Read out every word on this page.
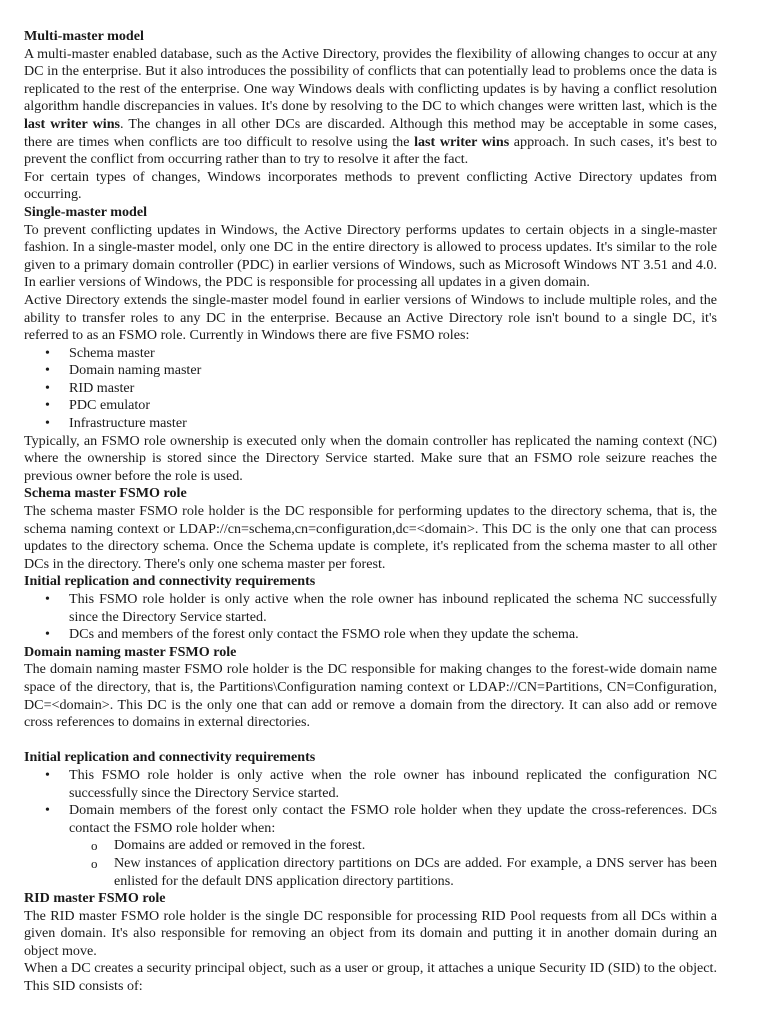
Multi-master model

A multi-master enabled database, such as the Active Directory, provides the flexibility of allowing changes to occur at any DC in the enterprise. But it also introduces the possibility of conflicts that can potentially lead to problems once the data is replicated to the rest of the enterprise. One way Windows deals with conflicting updates is by having a conflict resolution algorithm handle discrepancies in values. It's done by resolving to the DC to which changes were written last, which is the last writer wins. The changes in all other DCs are discarded. Although this method may be acceptable in some cases, there are times when conflicts are too difficult to resolve using the last writer wins approach. In such cases, it's best to prevent the conflict from occurring rather than to try to resolve it after the fact.

For certain types of changes, Windows incorporates methods to prevent conflicting Active Directory updates from occurring.

Single-master model

To prevent conflicting updates in Windows, the Active Directory performs updates to certain objects in a single-master fashion. In a single-master model, only one DC in the entire directory is allowed to process updates. It's similar to the role given to a primary domain controller (PDC) in earlier versions of Windows, such as Microsoft Windows NT 3.51 and 4.0. In earlier versions of Windows, the PDC is responsible for processing all updates in a given domain.

Active Directory extends the single-master model found in earlier versions of Windows to include multiple roles, and the ability to transfer roles to any DC in the enterprise. Because an Active Directory role isn't bound to a single DC, it's referred to as an FSMO role. Currently in Windows there are five FSMO roles:

• Schema master
• Domain naming master
• RID master
• PDC emulator
• Infrastructure master

Typically, an FSMO role ownership is executed only when the domain controller has replicated the naming context (NC) where the ownership is stored since the Directory Service started. Make sure that an FSMO role seizure reaches the previous owner before the role is used.

Schema master FSMO role

The schema master FSMO role holder is the DC responsible for performing updates to the directory schema, that is, the schema naming context or LDAP://cn=schema,cn=configuration,dc=<domain>. This DC is the only one that can process updates to the directory schema. Once the Schema update is complete, it's replicated from the schema master to all other DCs in the directory. There's only one schema master per forest.

Initial replication and connectivity requirements
• This FSMO role holder is only active when the role owner has inbound replicated the schema NC successfully since the Directory Service started.
• DCs and members of the forest only contact the FSMO role when they update the schema.
Domain naming master FSMO role

The domain naming master FSMO role holder is the DC responsible for making changes to the forest-wide domain name space of the directory, that is, the Partitions\Configuration naming context or LDAP://CN=Partitions, CN=Configuration, DC=<domain>. This DC is the only one that can add or remove a domain from the directory. It can also add or remove cross references to domains in external directories.

Initial replication and connectivity requirements
• This FSMO role holder is only active when the role owner has inbound replicated the configuration NC successfully since the Directory Service started.
• Domain members of the forest only contact the FSMO role holder when they update the cross-references. DCs contact the FSMO role holder when:
o Domains are added or removed in the forest.
o New instances of application directory partitions on DCs are added. For example, a DNS server has been enlisted for the default DNS application directory partitions.
RID master FSMO role

The RID master FSMO role holder is the single DC responsible for processing RID Pool requests from all DCs within a given domain. It's also responsible for removing an object from its domain and putting it in another domain during an object move.

When a DC creates a security principal object, such as a user or group, it attaches a unique Security ID (SID) to the object. This SID consists of:
